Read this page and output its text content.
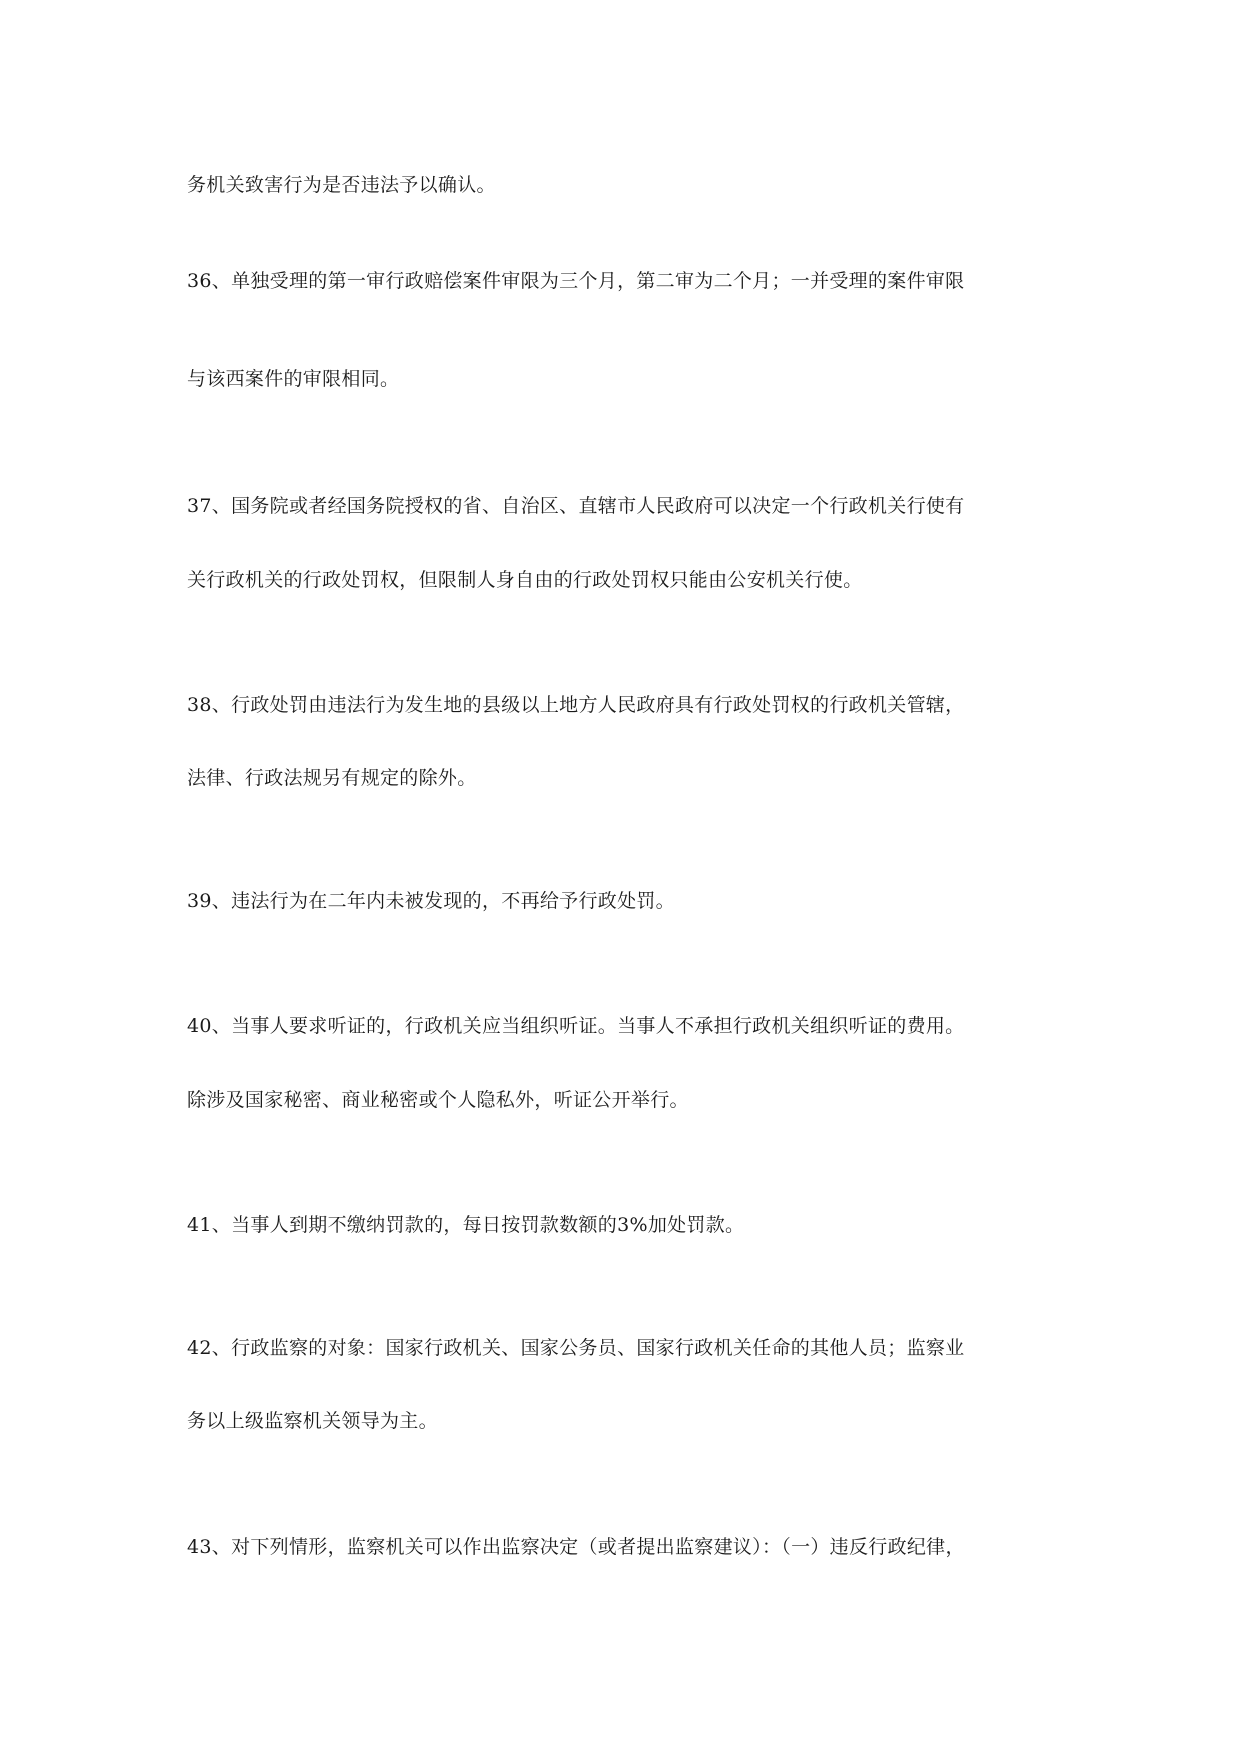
务机关致害行为是否违法予以确认。
36、单独受理的第一审行政赔偿案件审限为三个月，第二审为二个月；一并受理的案件审限
与该西案件的审限相同。
37、国务院或者经国务院授权的省、自治区、直辖市人民政府可以决定一个行政机关行使有
关行政机关的行政处罚权，但限制人身自由的行政处罚权只能由公安机关行使。
38、行政处罚由违法行为发生地的县级以上地方人民政府具有行政处罚权的行政机关管辖，
法律、行政法规另有规定的除外。
39、违法行为在二年内未被发现的，不再给予行政处罚。
40、当事人要求听证的，行政机关应当组织听证。当事人不承担行政机关组织听证的费用。
除涉及国家秘密、商业秘密或个人隐私外，听证公开举行。
41、当事人到期不缴纳罚款的，每日按罚款数额的3%加处罚款。
42、行政监察的对象：国家行政机关、国家公务员、国家行政机关任命的其他人员；监察业
务以上级监察机关领导为主。
43、对下列情形，监察机关可以作出监察决定（或者提出监察建议）：（一）违反行政纪律，
